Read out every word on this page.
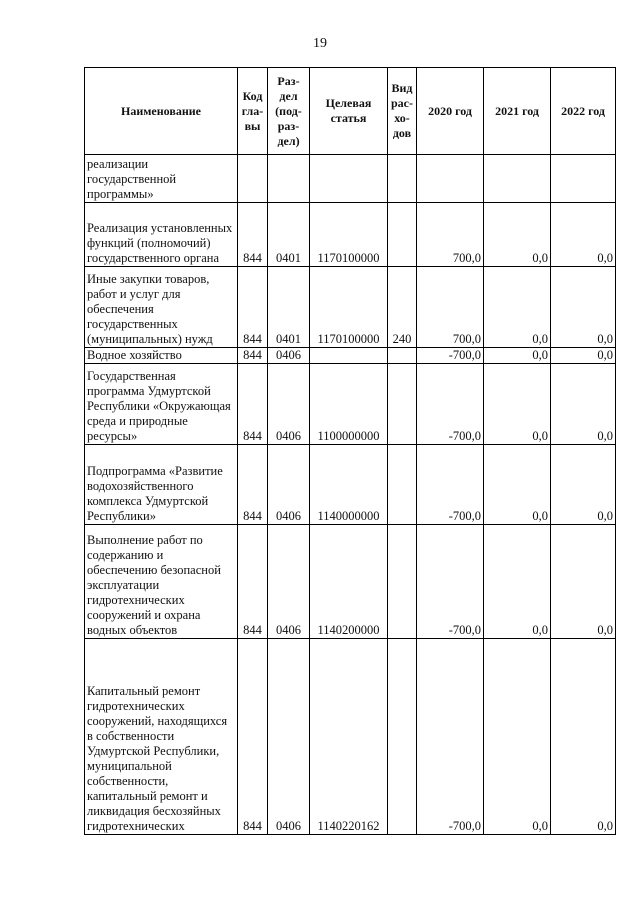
19
Наименование	Код гла-вы	Раз-дел (под-раз-дел)	Целевая статья	Вид рас-хо-дов	2020 год	2021 год	2022 год
реализации государственной программы»							
Реализация установленных функций (полномочий) государственного органа	844	0401	1170100000		700,0	0,0	0,0
Иные закупки товаров, работ и услуг для обеспечения государственных (муниципальных) нужд	844	0401	1170100000	240	700,0	0,0	0,0
Водное хозяйство	844	0406			-700,0	0,0	0,0
Государственная программа Удмуртской Республики «Окружающая среда и природные ресурсы»	844	0406	1100000000		-700,0	0,0	0,0
Подпрограмма «Развитие водохозяйственного комплекса Удмуртской Республики»	844	0406	1140000000		-700,0	0,0	0,0
Выполнение работ по содержанию и обеспечению безопасной эксплуатации гидротехнических сооружений и охрана водных объектов	844	0406	1140200000		-700,0	0,0	0,0
Капитальный ремонт гидротехнических сооружений, находящихся в собственности Удмуртской Республики, муниципальной собственности, капитальный ремонт и ликвидация бесхозяйных гидротехнических	844	0406	1140220162		-700,0	0,0	0,0
